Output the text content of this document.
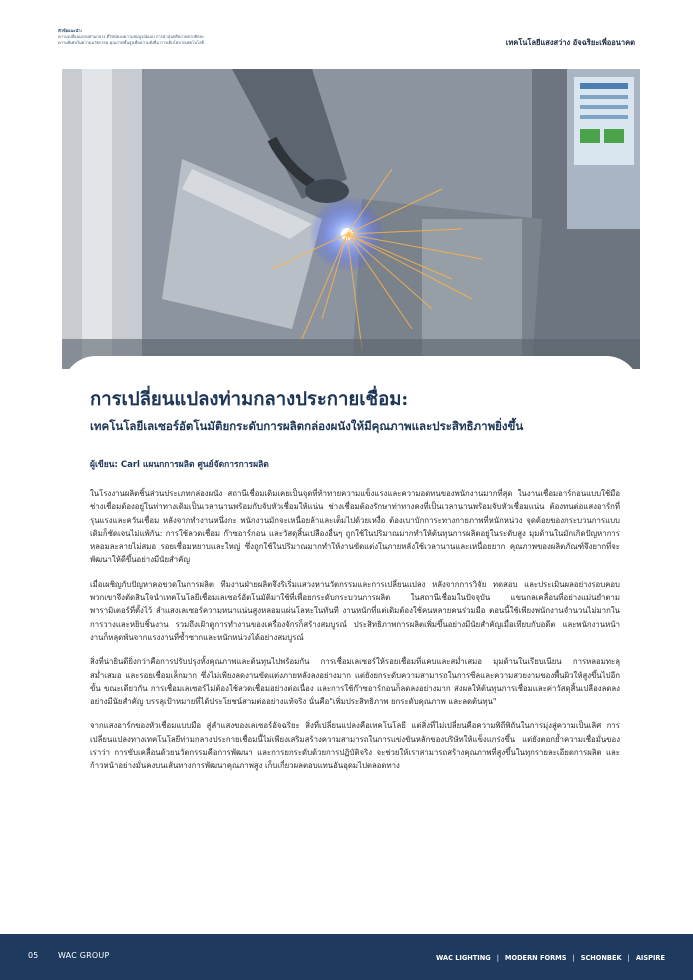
หัวข้อแนะนำ:
ความเปลี่ยนแปลงท่ามกลาง ดีไซน์ของความสมบูรณ์แบบ การนำสุนทรียภาพจากศิลปะ
ความพิเศษในความนวัตกรรม คุณภาพชั้นสูงเพื่อความยั่งยืน การเติบโตจากเทคโนโลยี	เทคโนโลยีแสงสว่าง อัจฉริยะเพื่ออนาคต
การเปลี่ยนแปลงท่ามกลางประกายเชื่อม:
เทคโนโลยีเลเซอร์อัตโนมัติยกระดับการผลิตกล่องผนังให้มีคุณภาพและประสิทธิภาพยิ่งขึ้น

ผู้เขียน: Carl แผนกการผลิต ศูนย์จัดการการผลิต

ในโรงงานผลิตชิ้นส่วนประเภทกล่องผนัง สถานีเชื่อมเดิมเคยเป็นจุดที่ท้าทายความแข็งแรงและความอดทนของพนักงานมากที่สุด ในงานเชื่อมอาร์กอนแบบใช้มือ ช่างเชื่อมต้องอยู่ในท่าทางเดิมเป็นเวลานานพร้อมกับจับหัวเชื่อมให้แน่น ช่างเชื่อมต้องรักษาท่าทางคงที่เป็นเวลานานพร้อมจับหัวเชื่อมแน่น ต้องทนต่อแสงอาร์กที่รุนแรงและควันเชื่อม หลังจากทำงานหนึ่งกะ พนักงานมักจะเหนื่อยล้าและเต็มไปด้วยเหงื่อ ต้องเบาบักการะทางกายภาพที่หนักหน่วง จุดด้อยของกระบวนการแบบเดิมก็ชัดเจนไม่แพ้กัน: การใช้ลวดเชื่อม ก๊าซอาร์กอน และวัสดุสิ้นเปลืองอื่นๆ ถูกใช้ในปริมาณมากทำให้ต้นทุนการผลิตอยู่ในระดับสูง มุมด้านในมักเกิดปัญหาการหลอมละลายไม่สมอ รอยเชื่อมหยาบและใหญ่ ซึ่งถูกใช้ในปริมาณมากทำให้งานขัดแต่งในภายหลังใช้เวลานานและเหนื่อยยาก คุณภาพของผลิตภัณฑ์จึงยากที่จะพัฒนาให้ดีขึ้นอย่างมีนัยสำคัญ

เมื่อเผชิญกับปัญหาคอขวดในการผลิต ทีมงานฝ่ายผลิตจึงริเริ่มแสวงหานวัตกรรมและการเปลี่ยนแปลง หลังจากการวิจัย ทดสอบ และประเมินผลอย่างรอบคอบ พวกเขาจึงตัดสินใจนำเทคโนโลยีเชื่อมเลเซอร์อัตโนมัติมาใช้ที่เพื่อยกระดับกระบวนการผลิต ในสถานีเชื่อมในปัจจุบัน แขนกลเคลื่อนที่อย่างแม่นยำตามพารามิเตอร์ที่ตั้งไว้ ลำแสงเลเซอร์ความหนาแน่นสูงหลอมแผ่นโลหะในทันที งานหนักที่แต่เดิมต้องใช้คนหลายคนร่วมมือ ตอนนี้ใช้เพียงพนักงานจำนวนไม่มากในการวางและหยิบชิ้นงาน รวมถึงเฝ้าดูการทำงานของเครื่องจักรก็สร้างสมบูรณ์ ประสิทธิภาพการผลิตเพิ่มขึ้นอย่างมีนัยสำคัญเมื่อเทียบกับอดีต และพนักงานหน้างานก็หลุดพ้นจากแรงงานที่ซ้ำซากและหนักหน่วงได้อย่างสมบูรณ์

สิ่งที่น่ายินดียิ่งกว่าคือการปรับปรุงทั้งคุณภาพและต้นทุนไปพร้อมกัน การเชื่อมเลเซอร์ให้รอยเชื่อมที่แคบและสม่ำเสมอ มุมด้านในเรียบเนียน การหลอมทะลุสม่ำเสมอ และรอยเชื่อมเล็กมาก ซึ่งไม่เพียงลดงานขัดแต่งภายหลังลงอย่างมาก แต่ยังยกระดับความสามารถในการซีลและความสวยงามของพื้นผิวให้สูงขึ้นไปอีกขั้น ขณะเดียวกัน การเชื่อมเลเซอร์ไม่ต้องใช้ลวดเชื่อมอย่างต่อเนื่อง และการใช้ก๊าซอาร์กอนก็ลดลงอย่างมาก ส่งผลให้ต้นทุนการเชื่อมและค่าวัสดุสิ้นเปลืองลดลงอย่างมีนัยสำคัญ บรรลุเป้าหมายที่ได้ประโยชน์สามต่ออย่างแท้จริง นั่นคือ"เพิ่มประสิทธิภาพ ยกระดับคุณภาพ และลดต้นทุน"

จากแสงอาร์กของหัวเชื่อมแบบมือ สู่ลำแสงของเลเซอร์อัจฉริยะ สิ่งที่เปลี่ยนแปลงคือเทคโนโลยี แต่สิ่งที่ไม่เปลี่ยนคือความพิถีพิถันในการมุ่งสู่ความเป็นเลิศ การเปลี่ยนแปลงทางเทคโนโลยีท่ามกลางประกายเชื่อมนี้ไม่เพียงเสริมสร้างความสามารถในการแข่งขันหลักของบริษัทให้แข็งแกร่งขึ้น แต่ยังตอกย้ำความเชื่อมั่นของเราว่า การขับเคลื่อนด้วยนวัตกรรมคือการพัฒนา และการยกระดับด้วยการปฏิบัติจริง จะช่วยให้เราสามารถสร้างคุณภาพที่สูงขึ้นในทุกรายละเอียดการผลิต และก้าวหน้าอย่างมั่นคงบนเส้นทางการพัฒนาคุณภาพสูง เก็บเกี่ยวผลตอบแทนอันอุดมไปตลอดทาง

05 WAC GROUP	WAC LIGHTING | MODERN FORMS | SCHONBEK | AISPIRE
